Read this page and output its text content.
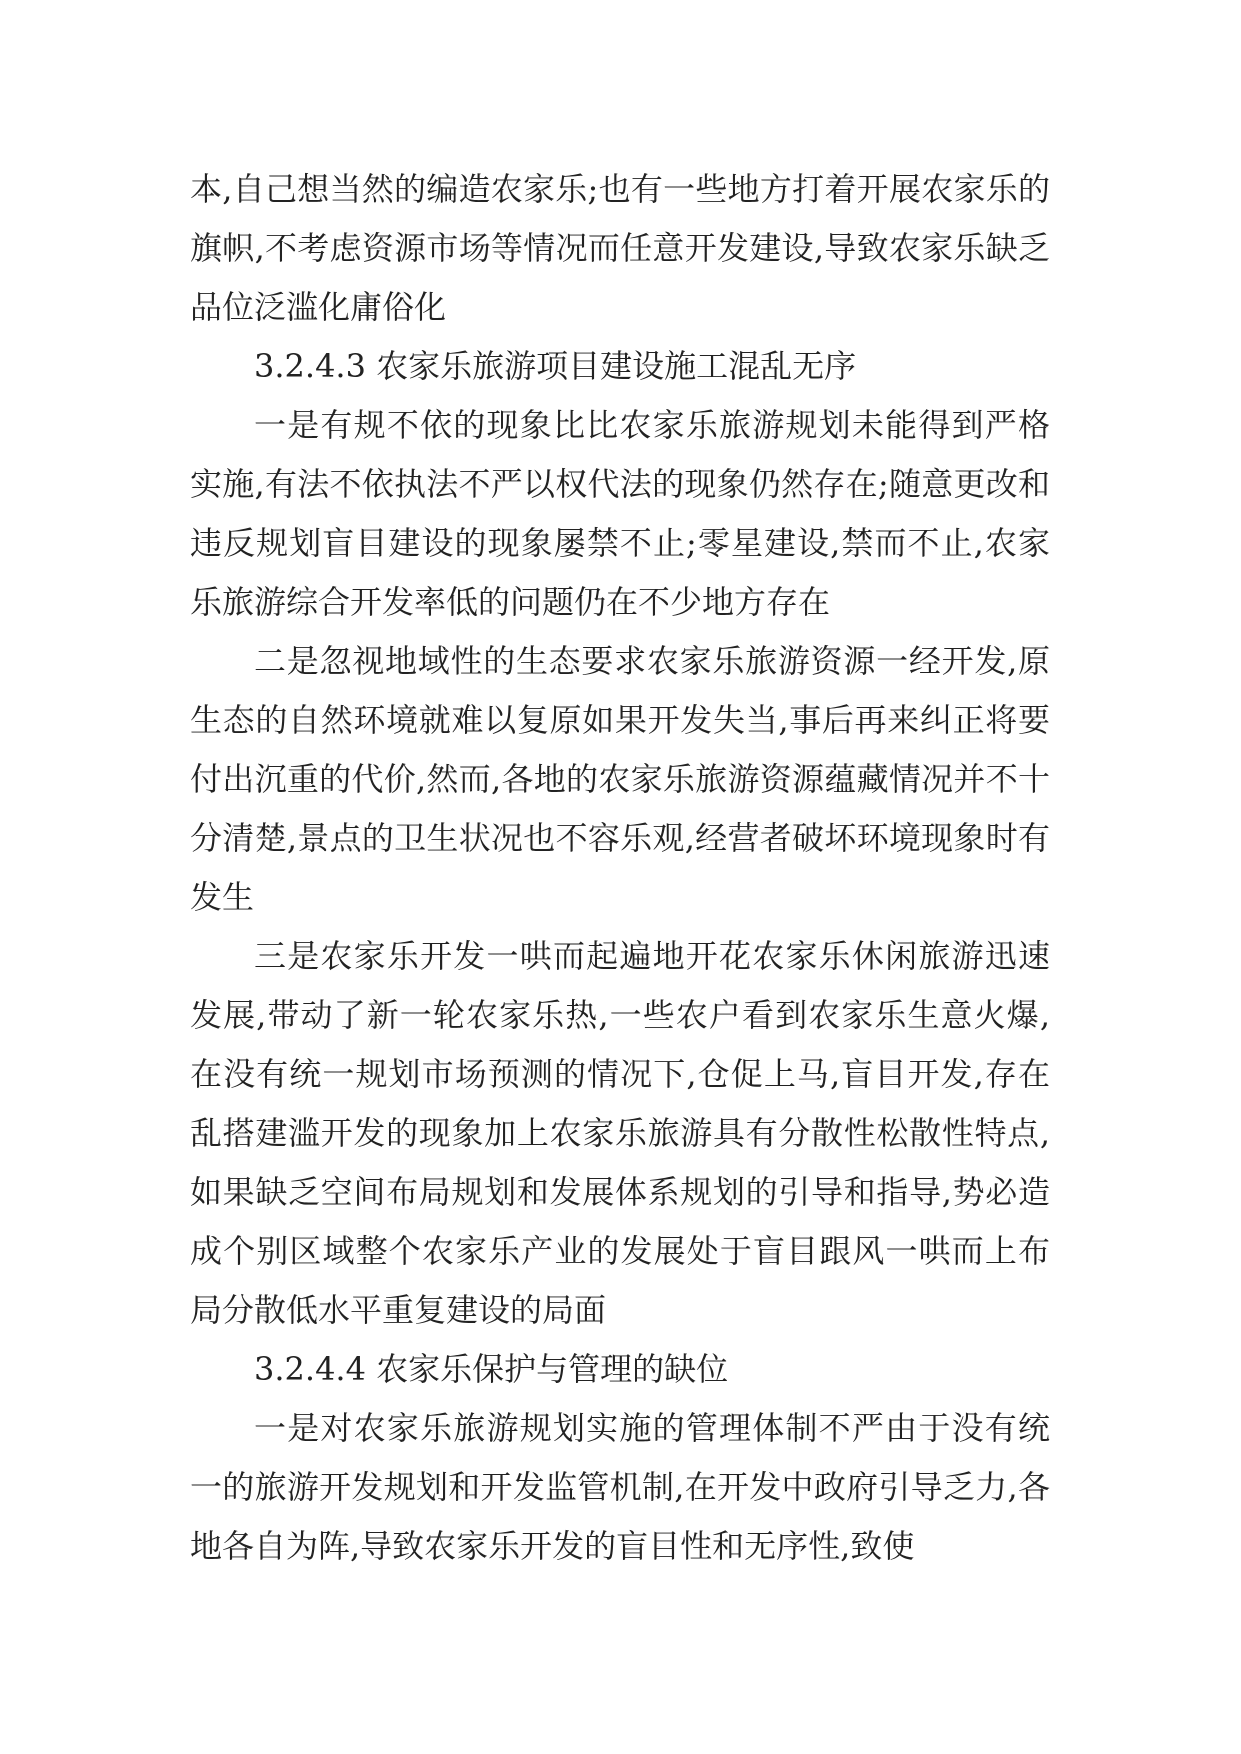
本,自己想当然的编造农家乐;也有一些地方打着开展农家乐的旗帜,不考虑资源市场等情况而任意开发建设,导致农家乐缺乏品位泛滥化庸俗化

3.2.4.3 农家乐旅游项目建设施工混乱无序

一是有规不依的现象比比农家乐旅游规划未能得到严格实施,有法不依执法不严以权代法的现象仍然存在;随意更改和违反规划盲目建设的现象屡禁不止;零星建设,禁而不止,农家乐旅游综合开发率低的问题仍在不少地方存在

二是忽视地域性的生态要求农家乐旅游资源一经开发,原生态的自然环境就难以复原如果开发失当,事后再来纠正将要付出沉重的代价,然而,各地的农家乐旅游资源蕴藏情况并不十分清楚,景点的卫生状况也不容乐观,经营者破坏环境现象时有发生

三是农家乐开发一哄而起遍地开花农家乐休闲旅游迅速发展,带动了新一轮农家乐热,一些农户看到农家乐生意火爆,在没有统一规划市场预测的情况下,仓促上马,盲目开发,存在乱搭建滥开发的现象加上农家乐旅游具有分散性松散性特点,如果缺乏空间布局规划和发展体系规划的引导和指导,势必造成个别区域整个农家乐产业的发展处于盲目跟风一哄而上布局分散低水平重复建设的局面

3.2.4.4 农家乐保护与管理的缺位

一是对农家乐旅游规划实施的管理体制不严由于没有统一的旅游开发规划和开发监管机制,在开发中政府引导乏力,各地各自为阵,导致农家乐开发的盲目性和无序性,致使
